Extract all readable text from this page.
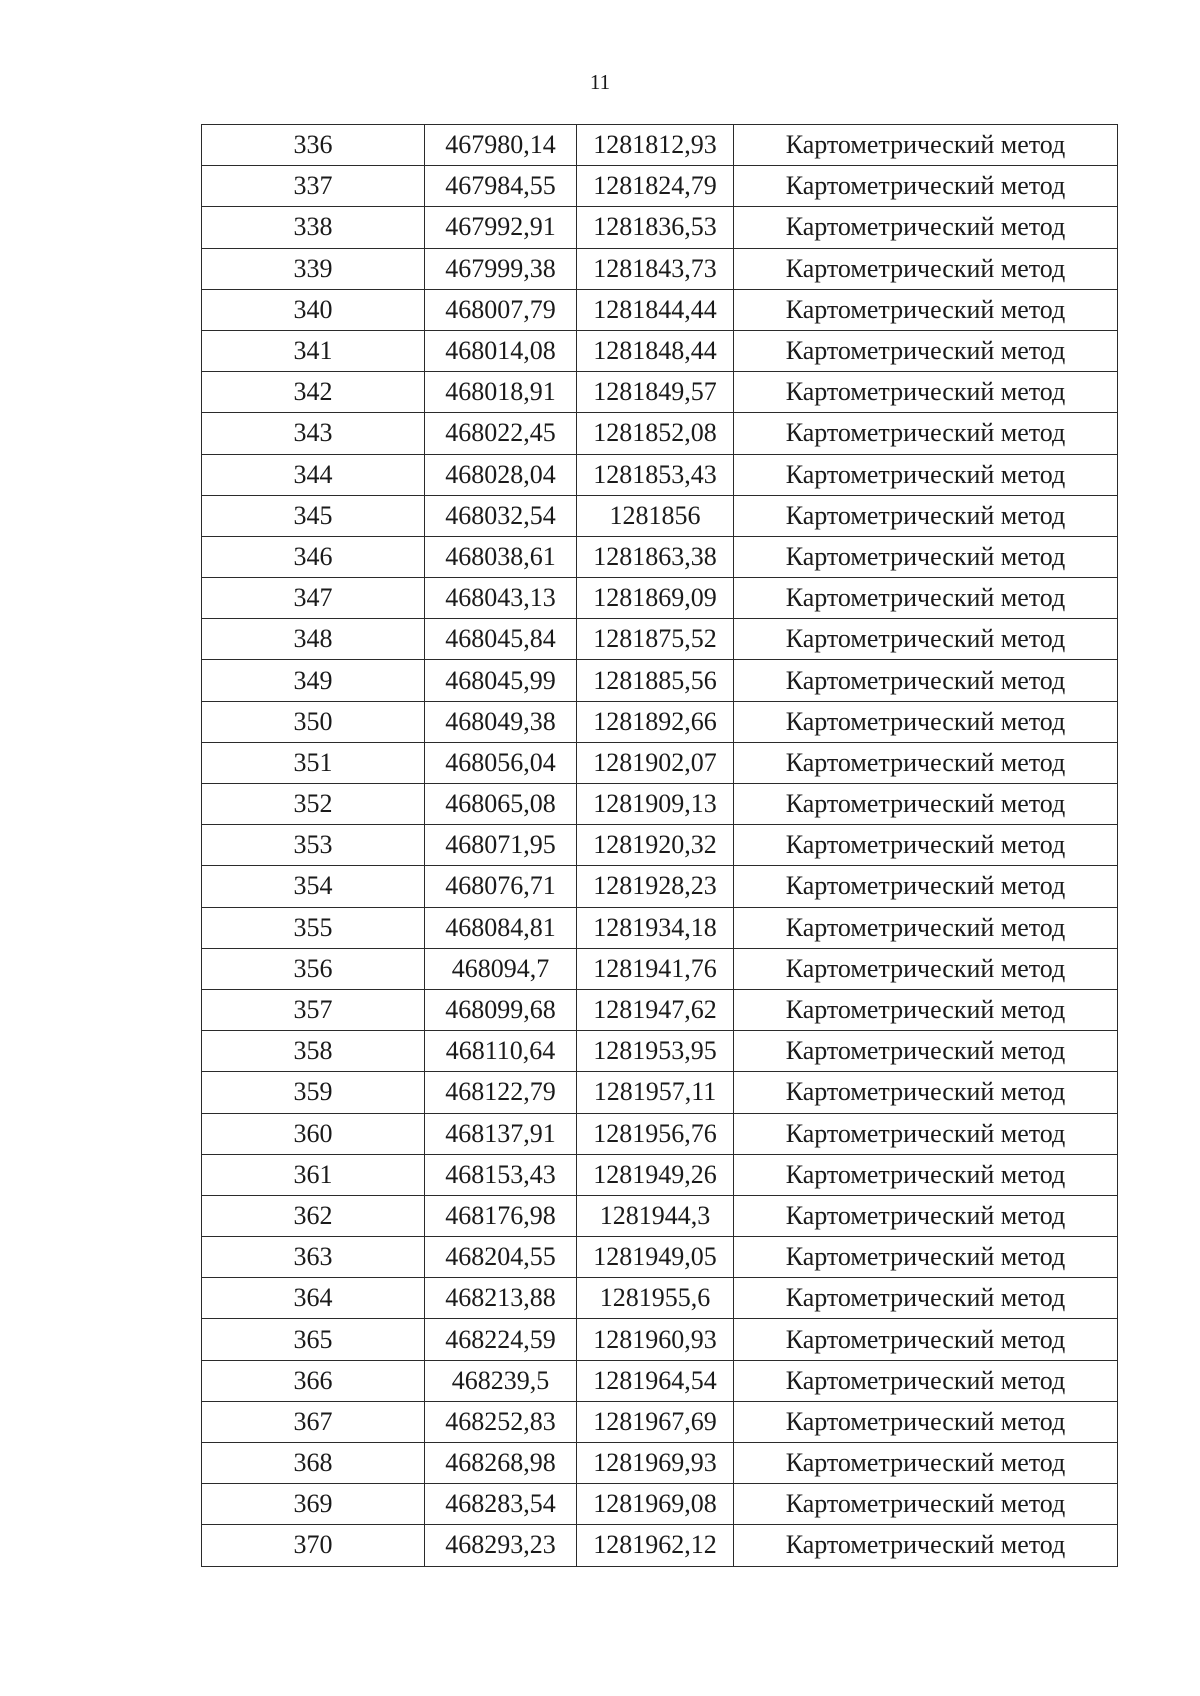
11
336	467980,14	1281812,93	Картометрический метод
337	467984,55	1281824,79	Картометрический метод
338	467992,91	1281836,53	Картометрический метод
339	467999,38	1281843,73	Картометрический метод
340	468007,79	1281844,44	Картометрический метод
341	468014,08	1281848,44	Картометрический метод
342	468018,91	1281849,57	Картометрический метод
343	468022,45	1281852,08	Картометрический метод
344	468028,04	1281853,43	Картометрический метод
345	468032,54	1281856	Картометрический метод
346	468038,61	1281863,38	Картометрический метод
347	468043,13	1281869,09	Картометрический метод
348	468045,84	1281875,52	Картометрический метод
349	468045,99	1281885,56	Картометрический метод
350	468049,38	1281892,66	Картометрический метод
351	468056,04	1281902,07	Картометрический метод
352	468065,08	1281909,13	Картометрический метод
353	468071,95	1281920,32	Картометрический метод
354	468076,71	1281928,23	Картометрический метод
355	468084,81	1281934,18	Картометрический метод
356	468094,7	1281941,76	Картометрический метод
357	468099,68	1281947,62	Картометрический метод
358	468110,64	1281953,95	Картометрический метод
359	468122,79	1281957,11	Картометрический метод
360	468137,91	1281956,76	Картометрический метод
361	468153,43	1281949,26	Картометрический метод
362	468176,98	1281944,3	Картометрический метод
363	468204,55	1281949,05	Картометрический метод
364	468213,88	1281955,6	Картометрический метод
365	468224,59	1281960,93	Картометрический метод
366	468239,5	1281964,54	Картометрический метод
367	468252,83	1281967,69	Картометрический метод
368	468268,98	1281969,93	Картометрический метод
369	468283,54	1281969,08	Картометрический метод
370	468293,23	1281962,12	Картометрический метод
